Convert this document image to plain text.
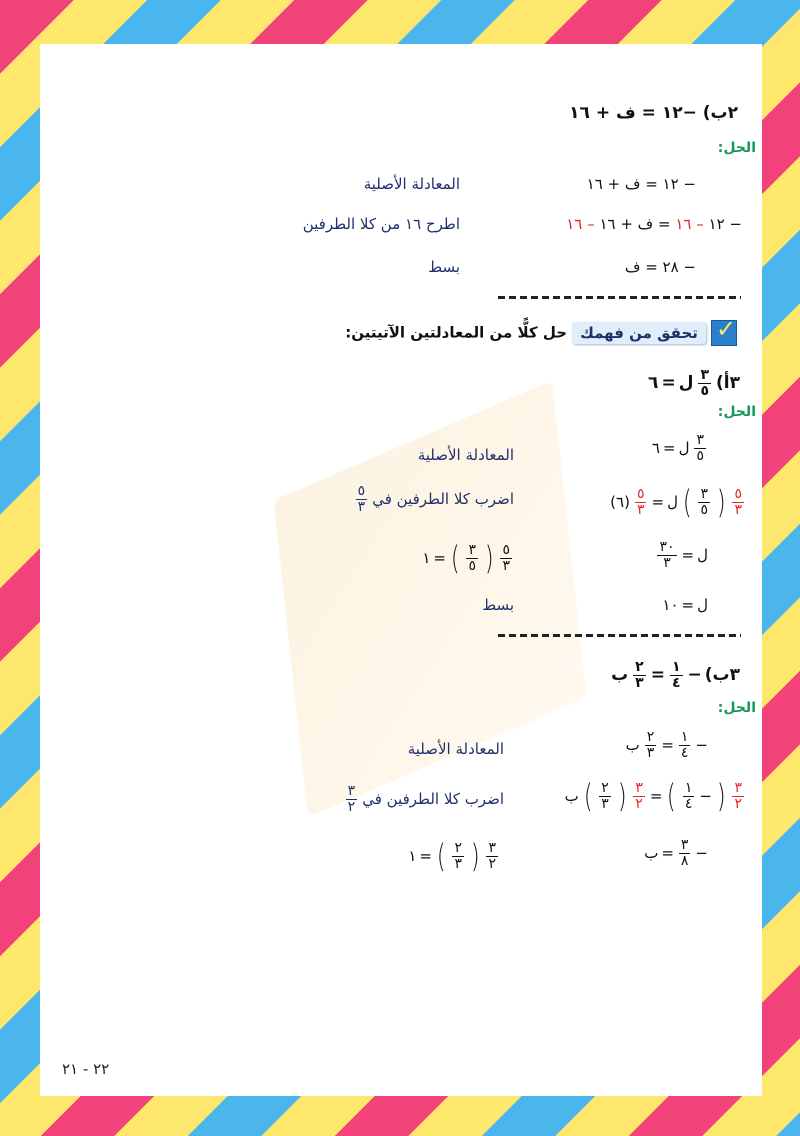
٢ب) −١٢ = ف + ١٦
الحل:
− ١٢ = ف + ١٦
المعادلة الأصلية
− ١٢ – ١٦ = ف + ١٦ – ١٦
اطرح ١٦ من كلا الطرفين
− ٢٨ = ف
بسط
✓ تحقق من فهمك حل كلًّا من المعادلتين الآتيتين:
٣أ)
$\frac{٣}{٥}$
ل
=
٦
الحل:
$\frac{٣}{٥}$
ل
=
٦
المعادلة الأصلية
$\frac{٥}{٣}$
(
$\frac{٣}{٥}$
)
ل
=
$\frac{٥}{٣}$
(٦)
اضرب كلا الطرفين في
$\frac{٥}{٣}$
ل
=
$\frac{٣٠}{٣}$
$\frac{٥}{٣}$
(
$\frac{٣}{٥}$
)
=
١
ل
=
١٠
بسط
٣ب)
−
$\frac{١}{٤}$
=
$\frac{٢}{٣}$
ب
الحل:
−
$\frac{١}{٤}$
=
$\frac{٢}{٣}$
ب
المعادلة الأصلية
$\frac{٣}{٢}$
(
−
$\frac{١}{٤}$
)
=
$\frac{٣}{٢}$
(
$\frac{٢}{٣}$
)
ب
اضرب كلا الطرفين في
$\frac{٣}{٢}$
−
$\frac{٣}{٨}$
=
ب
$\frac{٣}{٢}$
(
$\frac{٢}{٣}$
)
=
١
٢٢ - ٢١
